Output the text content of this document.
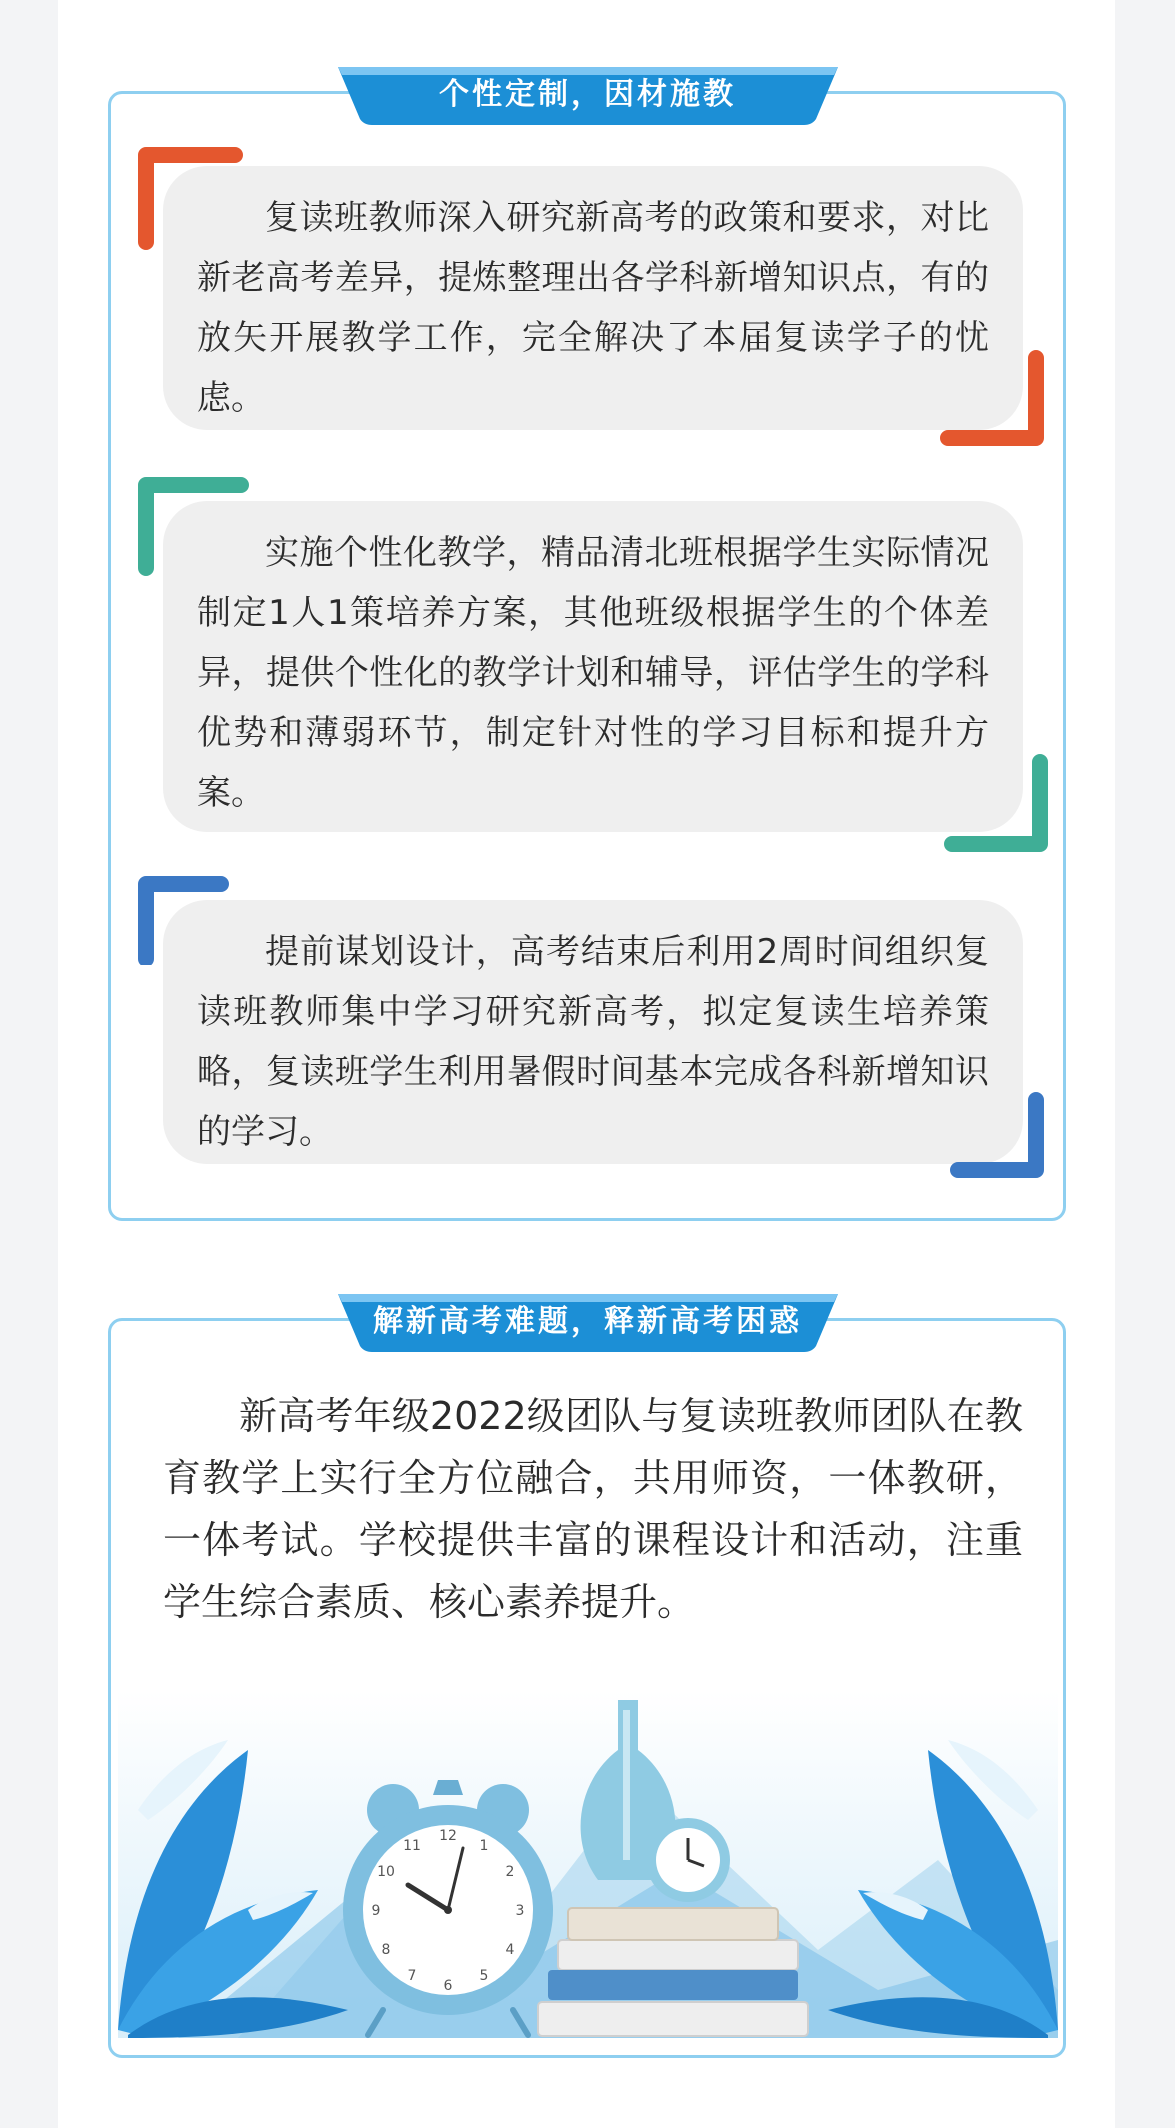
个性定制，因材施教

复读班教师深入研究新高考的政策和要求，对比新老高考差异，提炼整理出各学科新增知识点，有的放矢开展教学工作，完全解决了本届复读学子的忧虑。

实施个性化教学，精品清北班根据学生实际情况制定1人1策培养方案，其他班级根据学生的个体差异，提供个性化的教学计划和辅导，评估学生的学科优势和薄弱环节，制定针对性的学习目标和提升方案。

提前谋划设计，高考结束后利用2周时间组织复读班教师集中学习研究新高考，拟定复读生培养策略，复读班学生利用暑假时间基本完成各科新增知识的学习。

解新高考难题，释新高考困惑

新高考年级2022级团队与复读班教师团队在教育教学上实行全方位融合，共用师资，一体教研，一体考试。学校提供丰富的课程设计和活动，注重学生综合素质、核心素养提升。

12
1
2
3
4
5
6
7
8
9
10
11
